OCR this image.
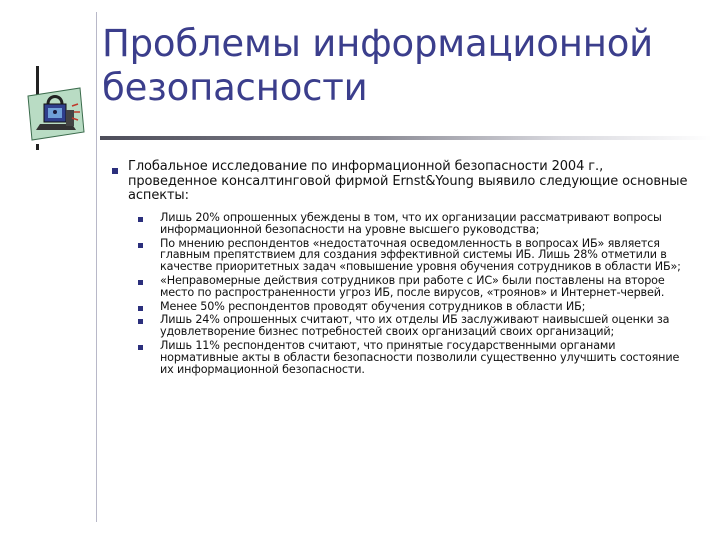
Проблемы информационной безопасности
Глобальное исследование по информационной безопасности 2004 г., проведенное консалтинговой фирмой Ernst&Young выявило следующие основные аспекты:
Лишь 20% опрошенных убеждены в том, что их организации рассматривают вопросы информационной безопасности на уровне высшего руководства;
По мнению респондентов «недостаточная осведомленность в вопросах ИБ» является главным препятствием для создания эффективной системы ИБ. Лишь 28% отметили в качестве приоритетных задач «повышение уровня обучения сотрудников в области ИБ»;
«Неправомерные действия сотрудников при работе с ИС» были поставлены на второе место по распространенности угроз ИБ, после вирусов, «троянов» и Интернет-червей.
Менее 50% респондентов проводят обучения сотрудников в области ИБ;
Лишь 24% опрошенных считают, что их отделы ИБ заслуживают наивысшей оценки за удовлетворение бизнес потребностей своих организаций своих организаций;
Лишь 11% респондентов считают, что принятые государственными органами нормативные акты в области безопасности позволили существенно улучшить состояние их информационной безопасности.
